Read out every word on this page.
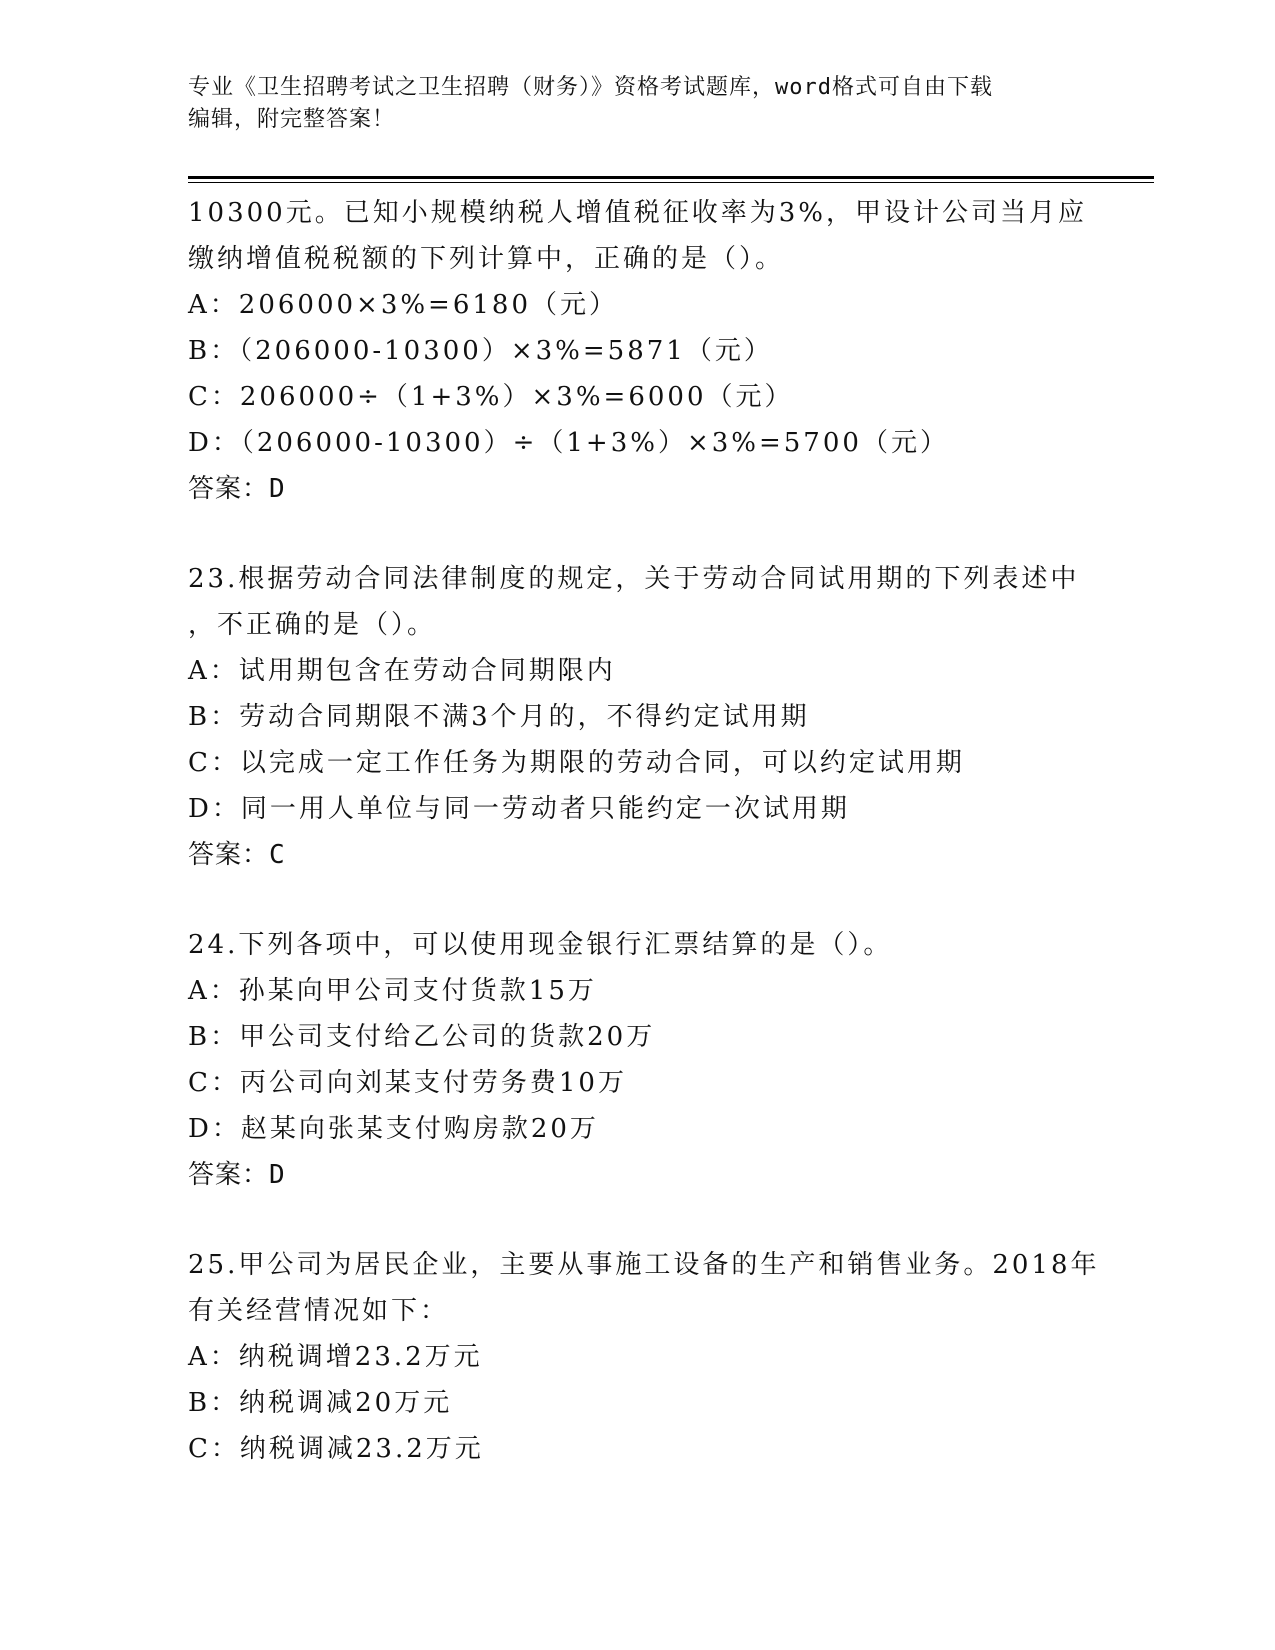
专业《卫生招聘考试之卫生招聘（财务）》资格考试题库，word格式可自由下载
编辑，附完整答案！
10300元。已知小规模纳税人增值税征收率为3%，甲设计公司当月应
缴纳增值税税额的下列计算中，正确的是（）。
A：206000×3%=6180（元）
B：（206000-10300）×3%=5871（元）
C：206000÷（1+3%）×3%=6000（元）
D：（206000-10300）÷（1+3%）×3%=5700（元）
答案：D
23.根据劳动合同法律制度的规定，关于劳动合同试用期的下列表述中
，不正确的是（）。
A：试用期包含在劳动合同期限内
B：劳动合同期限不满3个月的，不得约定试用期
C：以完成一定工作任务为期限的劳动合同，可以约定试用期
D：同一用人单位与同一劳动者只能约定一次试用期
答案：C
24.下列各项中，可以使用现金银行汇票结算的是（）。
A：孙某向甲公司支付货款15万
B：甲公司支付给乙公司的货款20万
C：丙公司向刘某支付劳务费10万
D：赵某向张某支付购房款20万
答案：D
25.甲公司为居民企业，主要从事施工设备的生产和销售业务。2018年
有关经营情况如下：
A：纳税调增23.2万元
B：纳税调减20万元
C：纳税调减23.2万元
